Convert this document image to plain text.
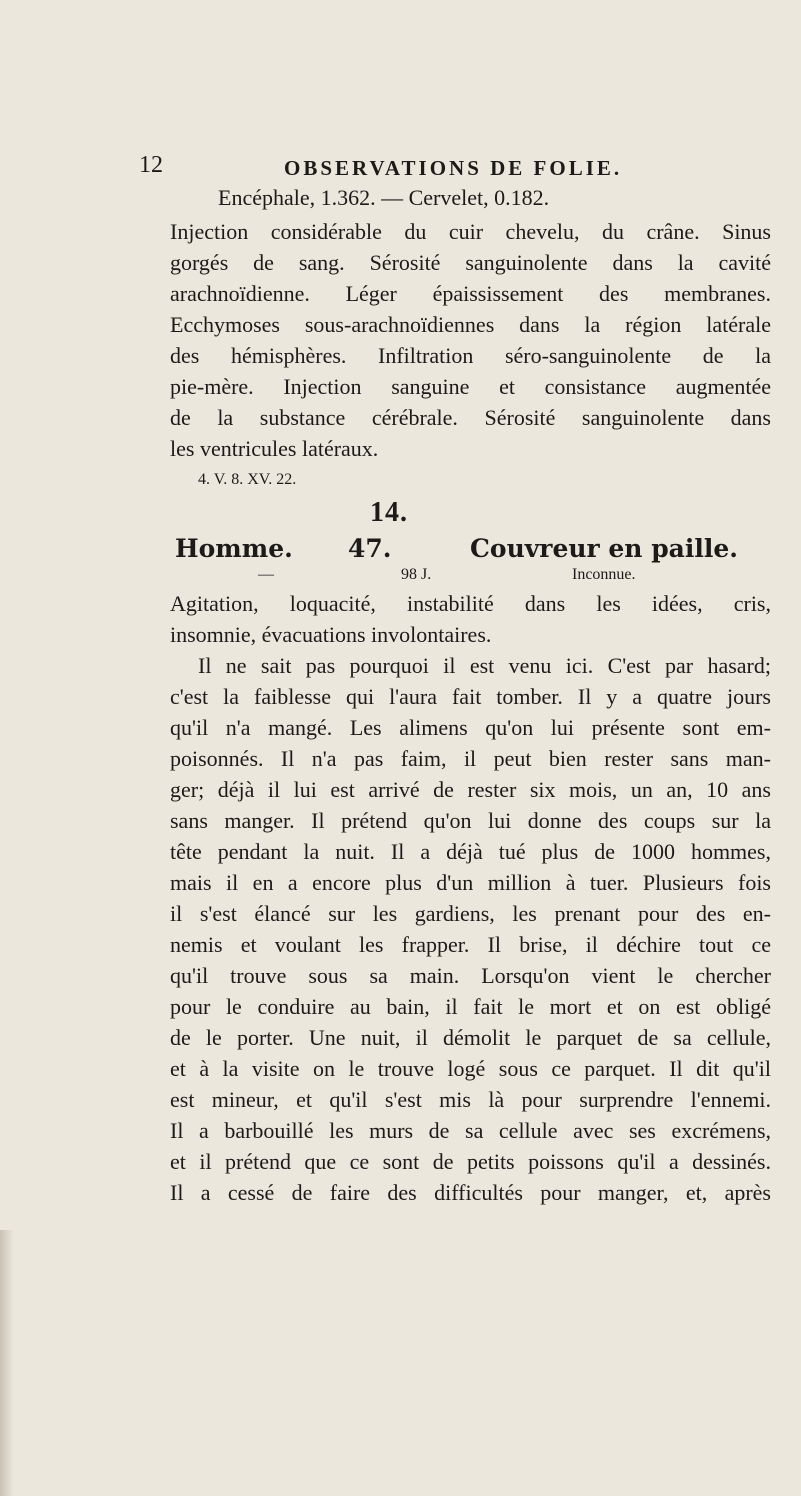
12	OBSERVATIONS DE FOLIE.
Encéphale, 1.362. — Cervelet, 0.182.
Injection considérable du cuir chevelu, du crâne. Sinus
gorgés de sang. Sérosité sanguinolente dans la cavité
arachnoïdienne. Léger épaississement des membranes.
Ecchymoses sous-arachnoïdiennes dans la région latérale
des hémisphères. Infiltration séro-sanguinolente de la
pie-mère. Injection sanguine et consistance augmentée
de la substance cérébrale. Sérosité sanguinolente dans
les ventricules latéraux.
4. V. 8. XV. 22.
14.
Homme. 47.	Couvreur en paille.
—	98 J.	Inconnue.
Agitation, loquacité, instabilité dans les idées, cris,
insomnie, évacuations involontaires.
Il ne sait pas pourquoi il est venu ici. C'est par hasard;
c'est la faiblesse qui l'aura fait tomber. Il y a quatre jours
qu'il n'a mangé. Les alimens qu'on lui présente sont em-
poisonnés. Il n'a pas faim, il peut bien rester sans man-
ger; déjà il lui est arrivé de rester six mois, un an, 10 ans
sans manger. Il prétend qu'on lui donne des coups sur la
tête pendant la nuit. Il a déjà tué plus de 1000 hommes,
mais il en a encore plus d'un million à tuer. Plusieurs fois
il s'est élancé sur les gardiens, les prenant pour des en-
nemis et voulant les frapper. Il brise, il déchire tout ce
qu'il trouve sous sa main. Lorsqu'on vient le chercher
pour le conduire au bain, il fait le mort et on est obligé
de le porter. Une nuit, il démolit le parquet de sa cellule,
et à la visite on le trouve logé sous ce parquet. Il dit qu'il
est mineur, et qu'il s'est mis là pour surprendre l'ennemi.
Il a barbouillé les murs de sa cellule avec ses excrémens,
et il prétend que ce sont de petits poissons qu'il a dessinés.
Il a cessé de faire des difficultés pour manger, et, après
